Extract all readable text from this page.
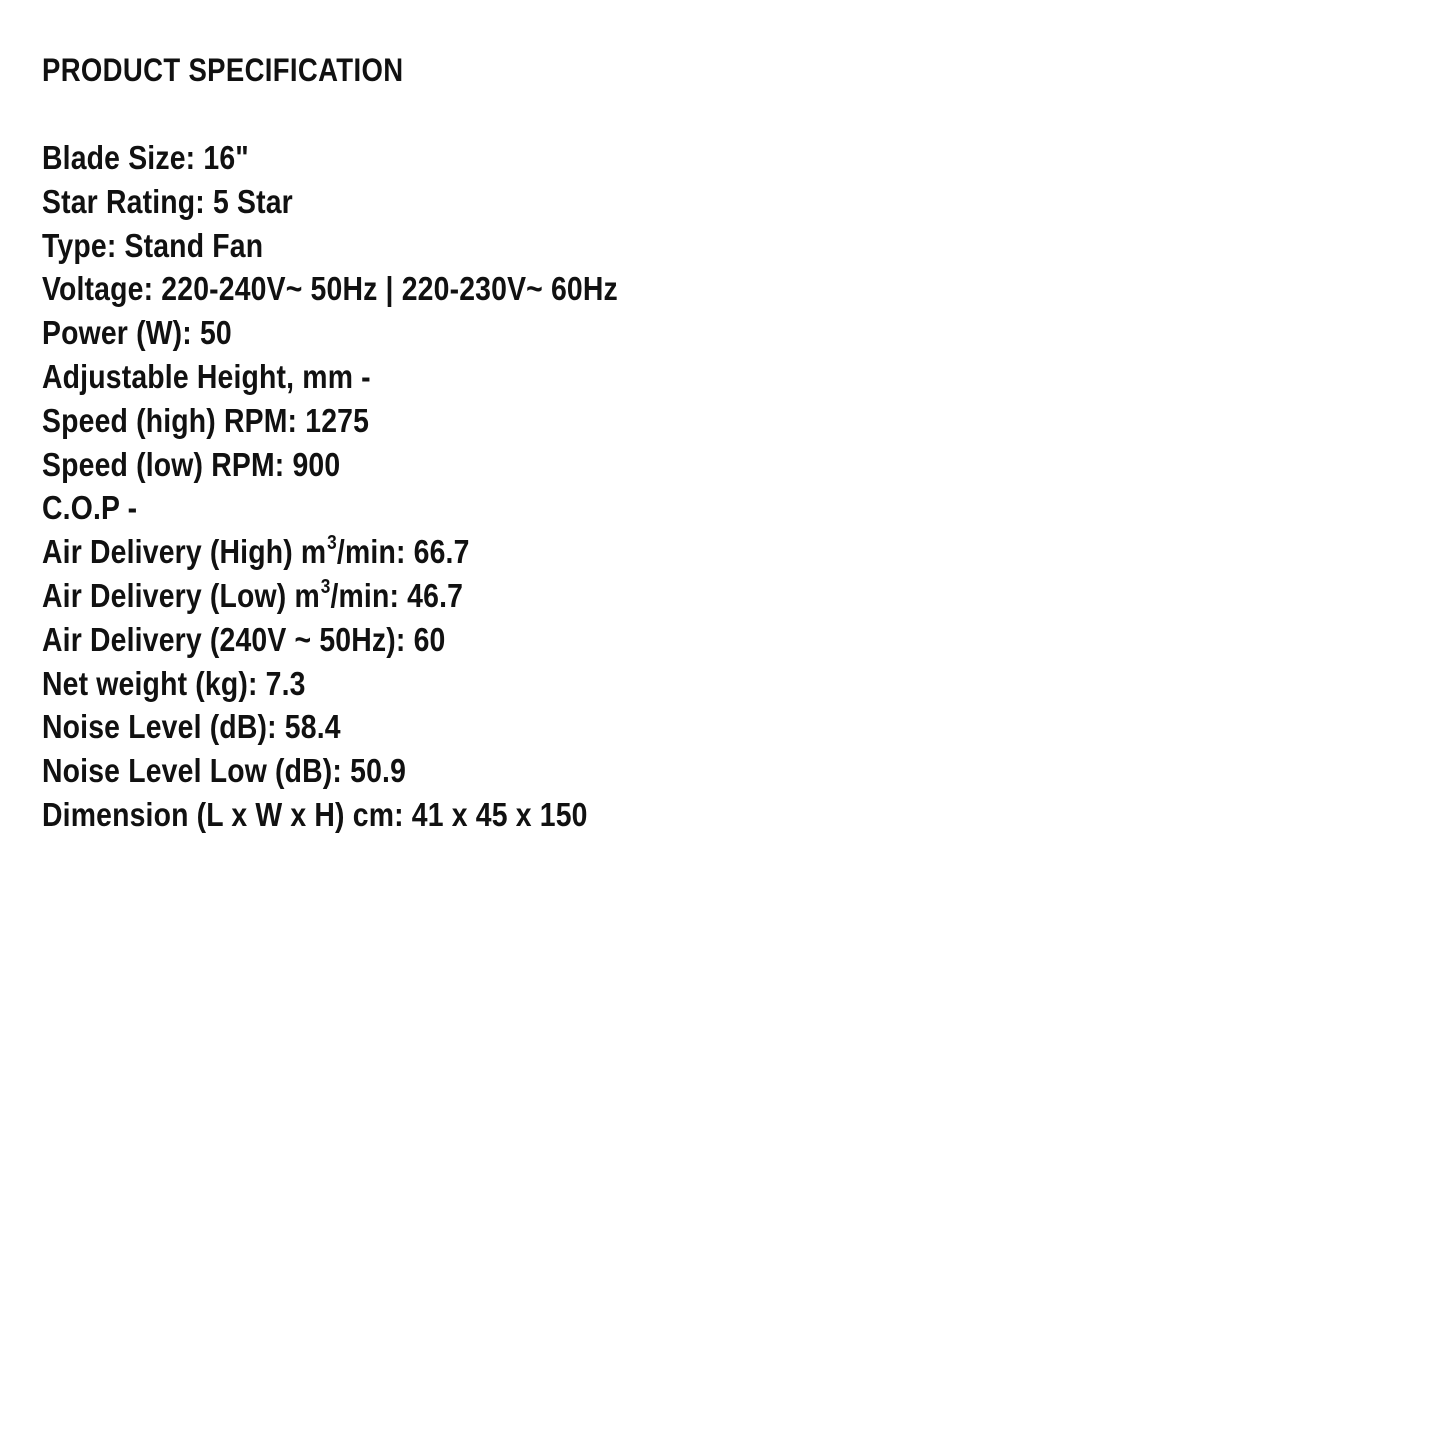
PRODUCT SPECIFICATION
Blade Size: 16"
Star Rating: 5 Star
Type: Stand Fan
Voltage: 220-240V~ 50Hz | 220-230V~ 60Hz
Power (W): 50
Adjustable Height, mm -
Speed (high) RPM: 1275
Speed (low) RPM: 900
C.O.P -
Air Delivery (High) $m^3/\min$: 66.7
Air Delivery (Low) $m^3/\min$: 46.7
Air Delivery (240V ~ 50Hz): 60
Net weight (kg): 7.3
Noise Level (dB): 58.4
Noise Level Low (dB): 50.9
Dimension (L x W x H) cm: 41 x 45 x 150
